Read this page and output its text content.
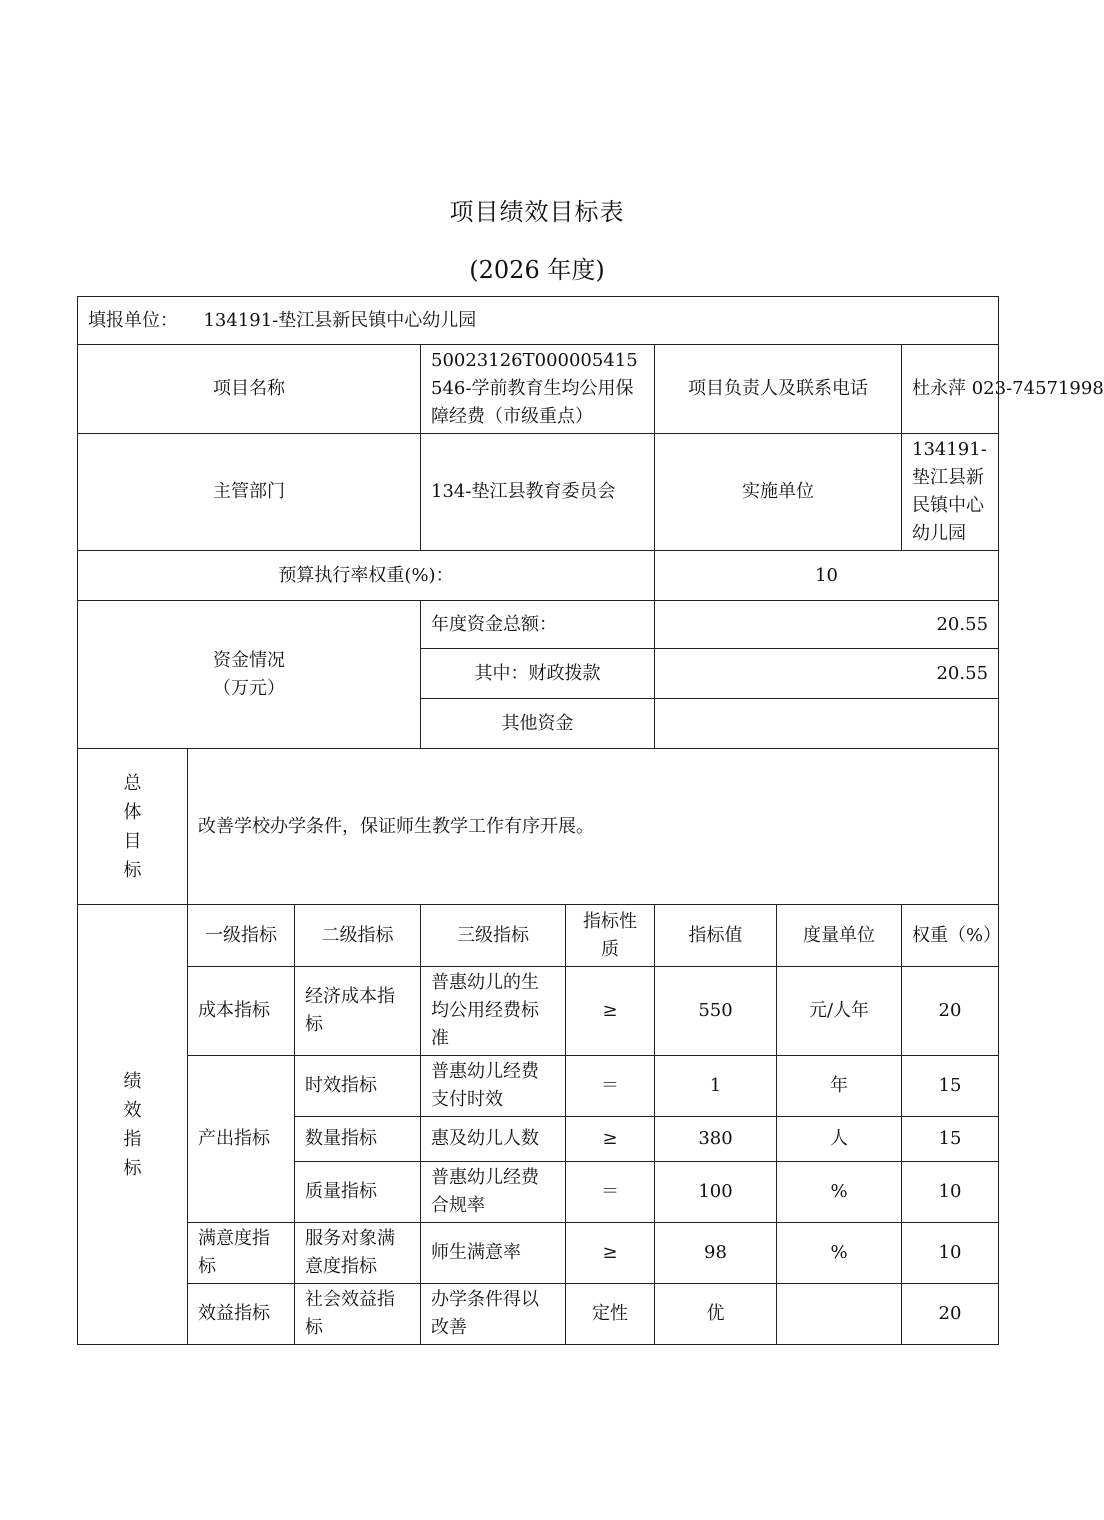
项目绩效目标表
(2026 年度)
填报单位： 134191-垫江县新民镇中心幼儿园							
项目名称			50023126T000005415546-学前教育生均公用保障经费（市级重点）		项目负责人及联系电话		杜永萍 023-74571998
主管部门			134-垫江县教育委员会		实施单位		134191-垫江县新民镇中心幼儿园
预算执行率权重(%)：					10		

资金情况
（万元）			年度资金总额：		20.55		
			其中：财政拨款		20.55		
			其他资金				

总
体
目
标	改善学校办学条件，保证师生教学工作有序开展。						

绩
效
指
标	一级指标	二级指标	三级指标	指标性质	指标值	度量单位	权重（%）
	成本指标	经济成本指标	普惠幼儿的生均公用经费标准	≥	550	元/人年	20
	产出指标	时效指标	普惠幼儿经费支付时效	＝	1	年	15
		数量指标	惠及幼儿人数	≥	380	人	15
		质量指标	普惠幼儿经费合规率	＝	100	%	10
	满意度指标	服务对象满意度指标	师生满意率	≥	98	%	10
	效益指标	社会效益指标	办学条件得以改善	定性	优		20
